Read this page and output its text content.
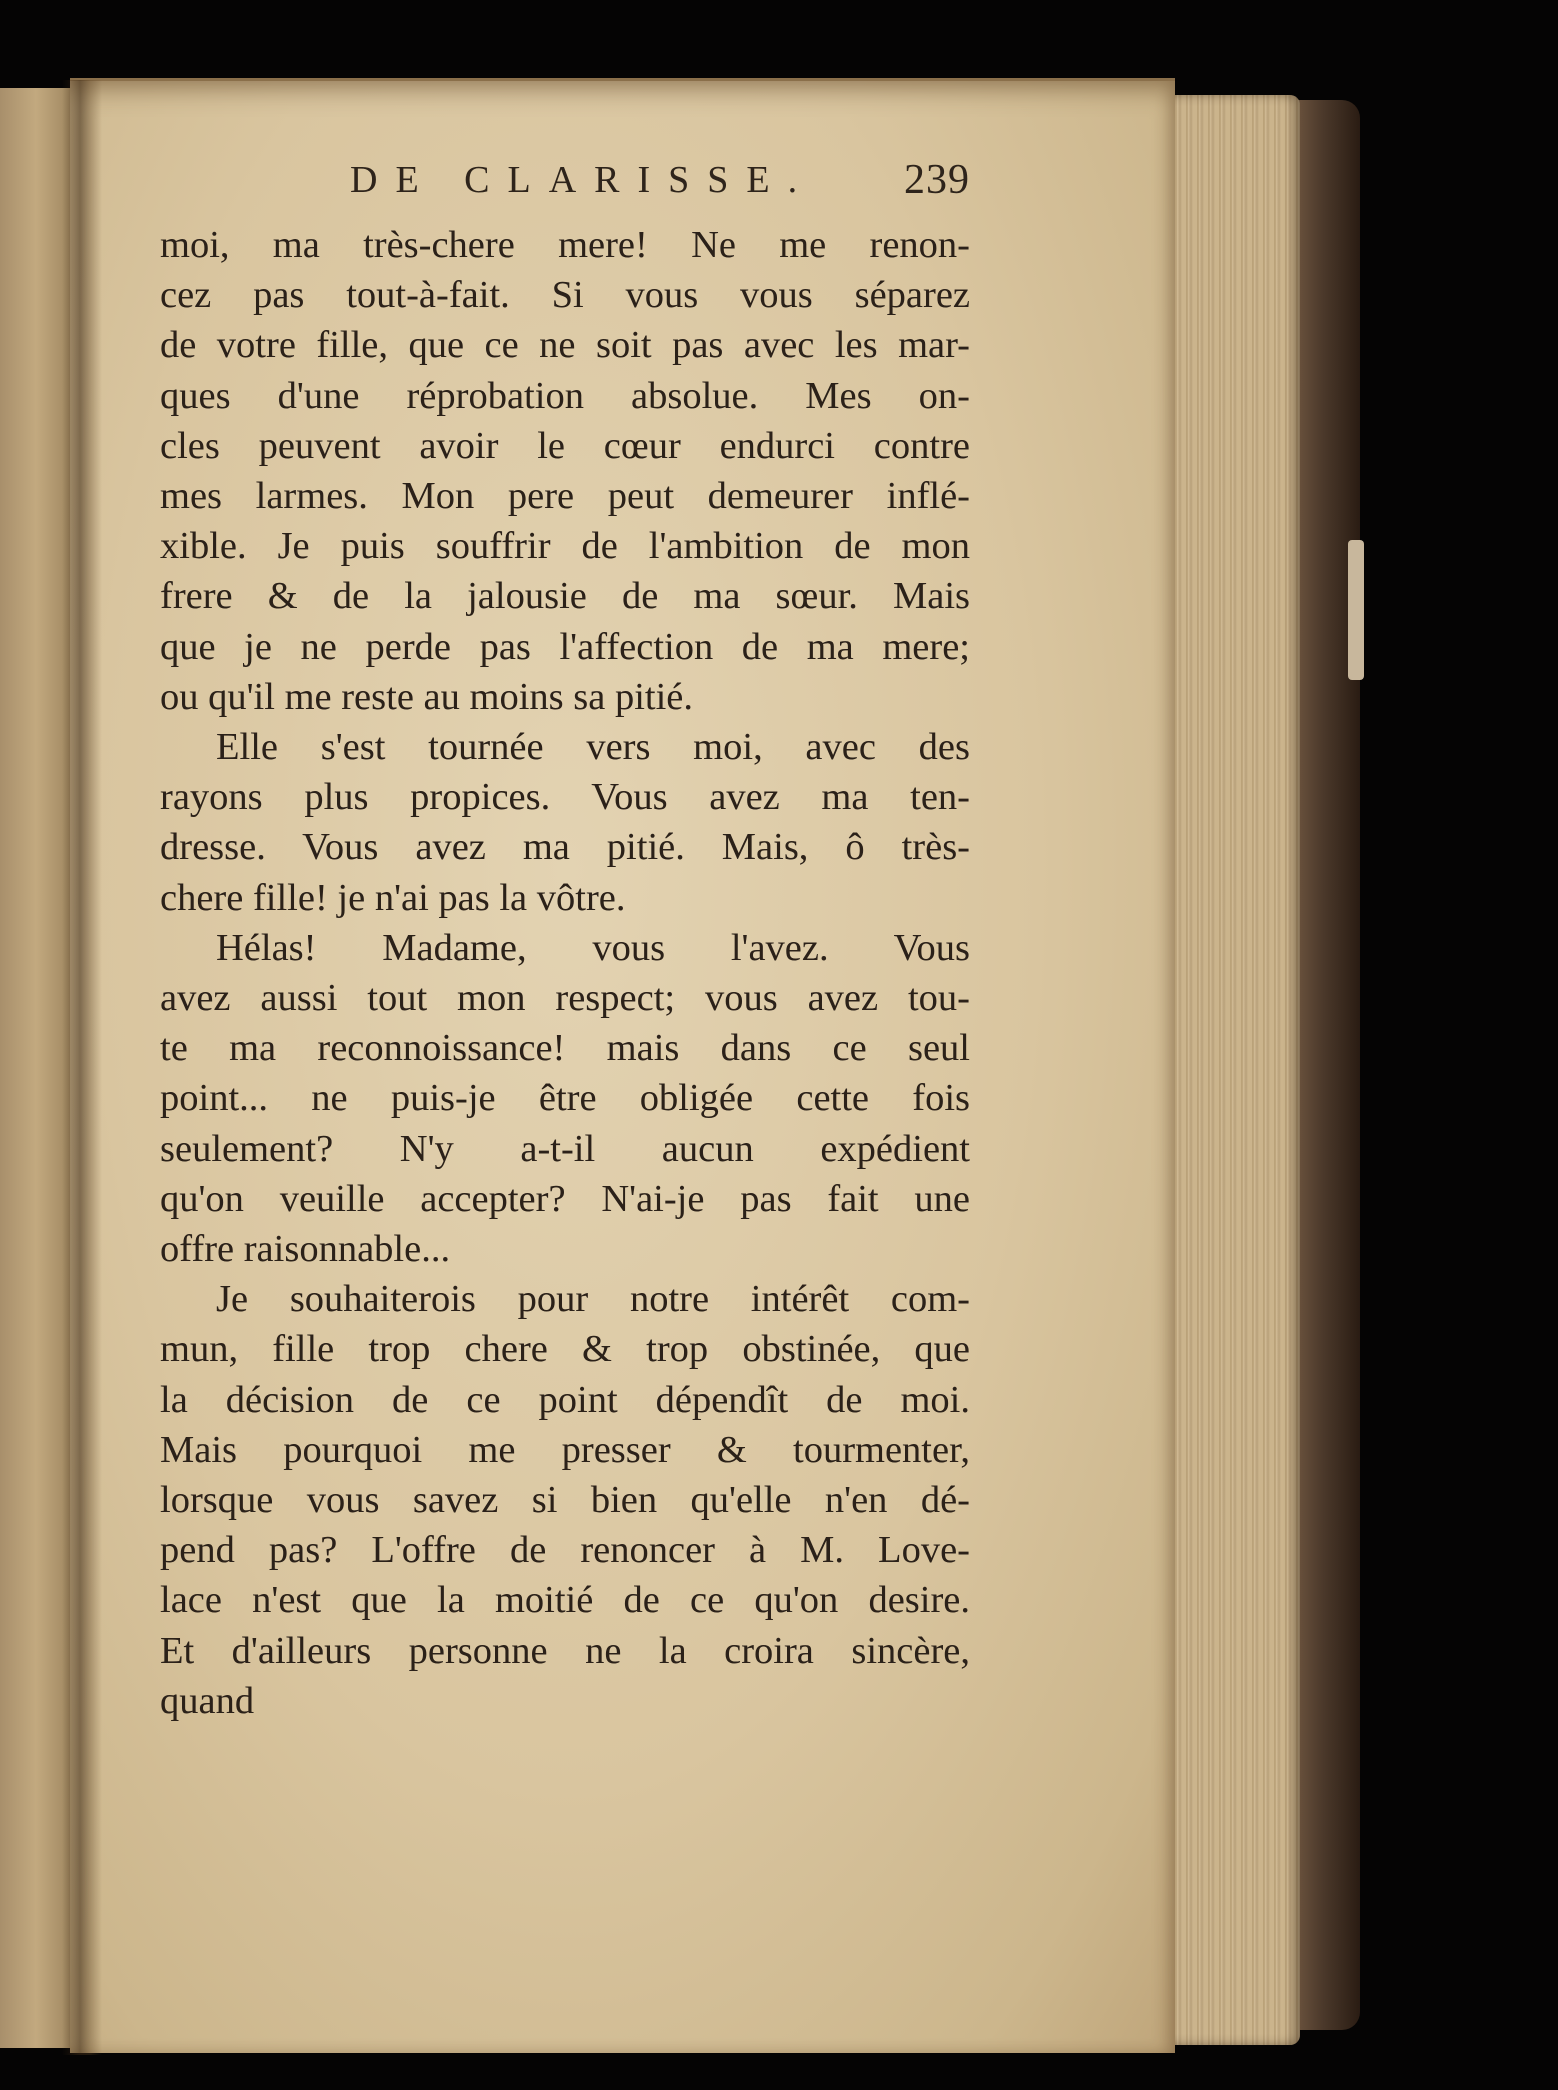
DE CLARISSE. 239

moi, ma très-chere mere! Ne me renon-
cez pas tout-à-fait. Si vous vous séparez
de votre fille, que ce ne soit pas avec les mar-
ques d'une réprobation absolue. Mes on-
cles peuvent avoir le cœur endurci contre
mes larmes. Mon pere peut demeurer inflé-
xible. Je puis souffrir de l'ambition de mon
frere & de la jalousie de ma sœur. Mais
que je ne perde pas l'affection de ma mere;
ou qu'il me reste au moins sa pitié.

Elle s'est tournée vers moi, avec des
rayons plus propices. Vous avez ma ten-
dresse. Vous avez ma pitié. Mais, ô très-
chere fille! je n'ai pas la vôtre.

Hélas! Madame, vous l'avez. Vous
avez aussi tout mon respect; vous avez tou-
te ma reconnoissance! mais dans ce seul
point... ne puis-je être obligée cette fois
seulement? N'y a-t-il aucun expédient
qu'on veuille accepter? N'ai-je pas fait une
offre raisonnable...

Je souhaiterois pour notre intérêt com-
mun, fille trop chere & trop obstinée, que
la décision de ce point dépendît de moi.
Mais pourquoi me presser & tourmenter,
lorsque vous savez si bien qu'elle n'en dé-
pend pas? L'offre de renoncer à M. Love-
lace n'est que la moitié de ce qu'on desire.
Et d'ailleurs personne ne la croira sincère,

quand
